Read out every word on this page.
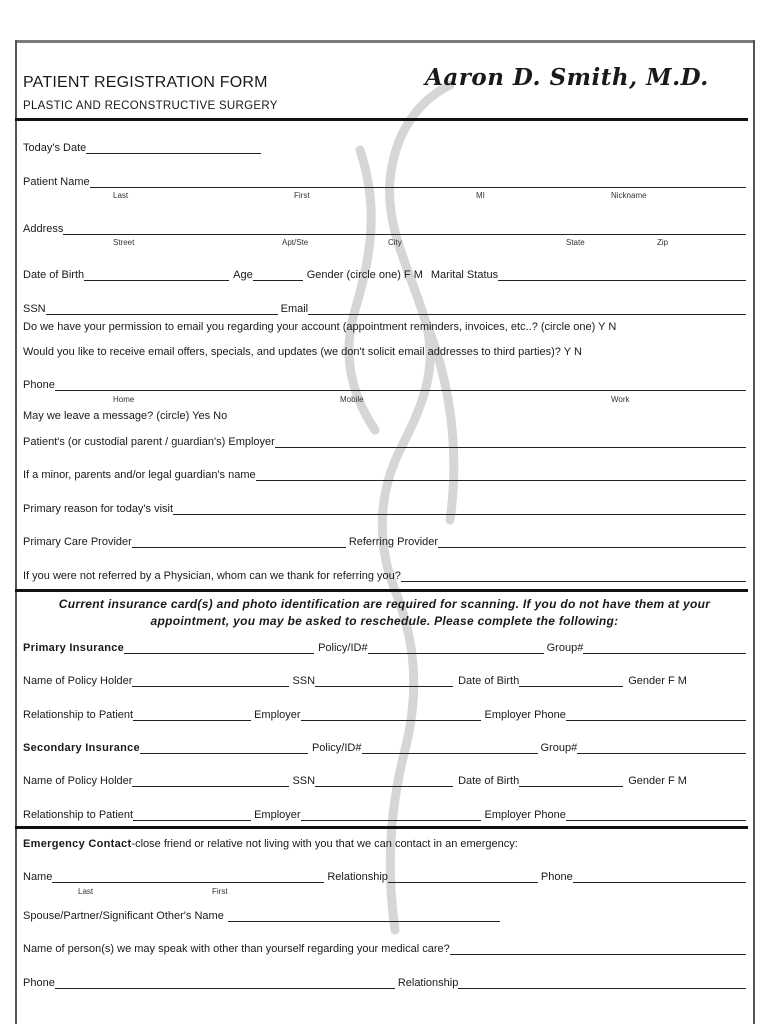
PATIENT REGISTRATION FORM
PLASTIC AND RECONSTRUCTIVE SURGERY
Aaron D. Smith, M.D.
Today's Date
Patient Name
Last	First	MI	Nickname
Address
Street	Apt/Ste	City	State	Zip
Date of Birth	Age	Gender (circle one) F M Marital Status
SSN	Email
Do we have your permission to email you regarding your account (appointment reminders, invoices, etc..? (circle one) Y N
Would you like to receive email offers, specials, and updates (we don't solicit email addresses to third parties)? Y N
Phone
Home	Mobile	Work
May we leave a message? (circle) Yes No
Patient's (or custodial parent / guardian's) Employer
If a minor, parents and/or legal guardian's name
Primary reason for today's visit
Primary Care Provider	Referring Provider
If you were not referred by a Physician, whom can we thank for referring you?
Current insurance card(s) and photo identification are required for scanning. If you do not have them at your
appointment, you may be asked to reschedule. Please complete the following:
Primary Insurance	Policy/ID#	Group#
Name of Policy Holder	SSN	Date of Birth	Gender F M
Relationship to Patient	Employer	Employer Phone
Secondary Insurance	Policy/ID#	Group#
Name of Policy Holder	SSN	Date of Birth	Gender F M
Relationship to Patient	Employer	Employer Phone
Emergency Contact -close friend or relative not living with you that we can contact in an emergency:
Name	Relationship	Phone
Last	First
Spouse/Partner/Significant Other's Name
Name of person(s) we may speak with other than yourself regarding your medical care?
Phone	Relationship
